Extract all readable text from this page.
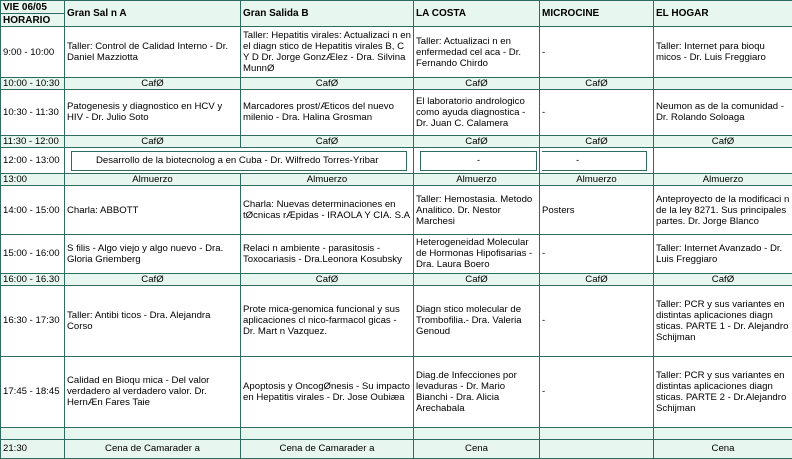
VIE 06/05	Gran Sal n A	Gran Salida B	LA COSTA	MICROCINE	EL HOGAR
HORARIO					
9:00 - 10:00	Taller: Control de Calidad Interno - Dr. Daniel Mazziotta	Taller: Hepatitis virales: Actualizaci n en el diagn stico de Hepatitis virales B, C Y D Dr. Jorge GonzÆlez - Dra. Silvina MunnØ	Taller: Actualizaci n en enfermedad cel aca - Dr. Fernando Chirdo	-	Taller: Internet para bioqu micos - Dr. Luis Freggiaro
10:00 - 10:30	CafØ	CafØ	CafØ	CafØ	
10:30 - 11:30	Patogenesis y diagnostico en HCV y HIV - Dr. Julio Soto	Marcadores prost/Æticos del nuevo milenio - Dra. Halina Grosman	El laboratorio andrologico como ayuda diagnostica - Dr. Juan C. Calamera	-	Neumon as de la comunidad - Dr. Rolando Soloaga
11:30 - 12:00	CafØ	CafØ	CafØ	CafØ	CafØ
12:00 - 13:00	Desarrollo de la biotecnolog a en Cuba - Dr. Wilfredo Torres-Yribar		-	-	

13:00	Almuerzo	Almuerzo	Almuerzo	Almuerzo	Almuerzo
14:00 - 15:00	Charla: ABBOTT	Charla: Nuevas determinaciones en tØcnicas rÆpidas - IRAOLA Y CIA. S.A	Taller: Hemostasia. Metodo Analitico. Dr. Nestor Marchesi	Posters	Anteproyecto de la modificaci n de la ley 8271. Sus principales partes. Dr. Jorge Blanco
15:00 - 16:00	S filis - Algo viejo y algo nuevo - Dra. Gloria Griemberg	Relaci n ambiente - parasitosis - Toxocariasis - Dra.Leonora Kosubsky	Heterogeneidad Molecular de Hormonas Hipofisarias - Dra. Laura Boero	-	Taller: Internet Avanzado - Dr. Luis Freggiaro
16:00 - 16.30	CafØ	CafØ	CafØ	CafØ	CafØ
16:30 - 17:30	Taller: Antibi ticos - Dra. Alejandra Corso	Prote mica-genomica funcional y sus aplicaciones cl nico-farmacol gicas - Dr. Mart n Vazquez.	Diagn stico molecular de Trombofilia.- Dra. Valeria Genoud	-	Taller: PCR y sus variantes en distintas aplicaciones diagn sticas. PARTE 1 - Dr. Alejandro Schijman
17:45 - 18:45	Calidad en Bioqu mica - Del valor verdadero al verdadero valor. Dr. HernÆn Fares Taie	Apoptosis y OncogØnesis - Su impacto en Hepatitis virales - Dr. Jose Oubiæa	Diag.de Infecciones por levaduras - Dr. Mario Bianchi - Dra. Alicia Arechabala	-	Taller: PCR y sus variantes en distintas aplicaciones diagn sticas. PARTE 2 - Dr.Alejandro Schijman

21:30	Cena de Camarader a	Cena de Camarader a	Cena		Cena
